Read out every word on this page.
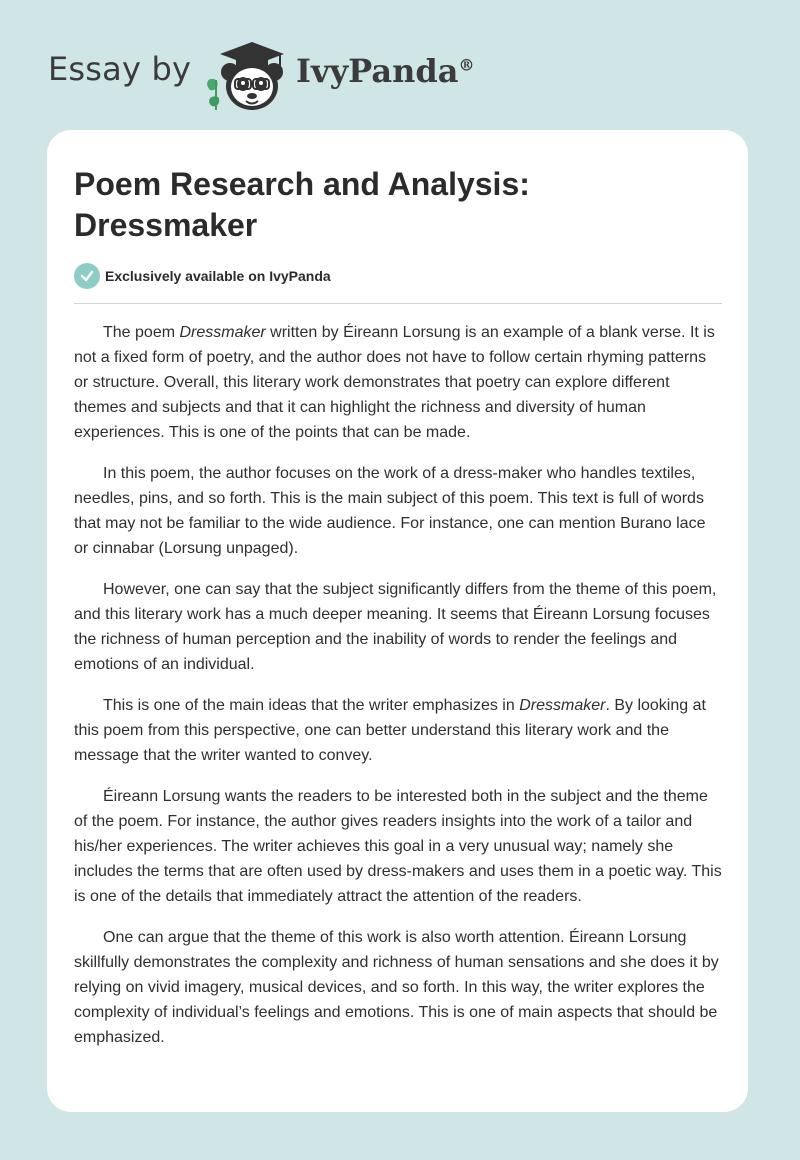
Essay by	IvyPanda®
Poem Research and Analysis: Dressmaker
Exclusively available on IvyPanda

The poem Dressmaker written by Éireann Lorsung is an example of a blank verse. It is not a fixed form of poetry, and the author does not have to follow certain rhyming patterns or structure. Overall, this literary work demonstrates that poetry can explore different themes and subjects and that it can highlight the richness and diversity of human experiences. This is one of the points that can be made.

In this poem, the author focuses on the work of a dress-maker who handles textiles, needles, pins, and so forth. This is the main subject of this poem. This text is full of words that may not be familiar to the wide audience. For instance, one can mention Burano lace or cinnabar (Lorsung unpaged).

However, one can say that the subject significantly differs from the theme of this poem, and this literary work has a much deeper meaning. It seems that Éireann Lorsung focuses the richness of human perception and the inability of words to render the feelings and emotions of an individual.

This is one of the main ideas that the writer emphasizes in Dressmaker. By looking at this poem from this perspective, one can better understand this literary work and the message that the writer wanted to convey.

Éireann Lorsung wants the readers to be interested both in the subject and the theme of the poem. For instance, the author gives readers insights into the work of a tailor and his/her experiences. The writer achieves this goal in a very unusual way; namely she includes the terms that are often used by dress-makers and uses them in a poetic way. This is one of the details that immediately attract the attention of the readers.

One can argue that the theme of this work is also worth attention. Éireann Lorsung skillfully demonstrates the complexity and richness of human sensations and she does it by relying on vivid imagery, musical devices, and so forth. In this way, the writer explores the complexity of individual’s feelings and emotions. This is one of main aspects that should be emphasized.
